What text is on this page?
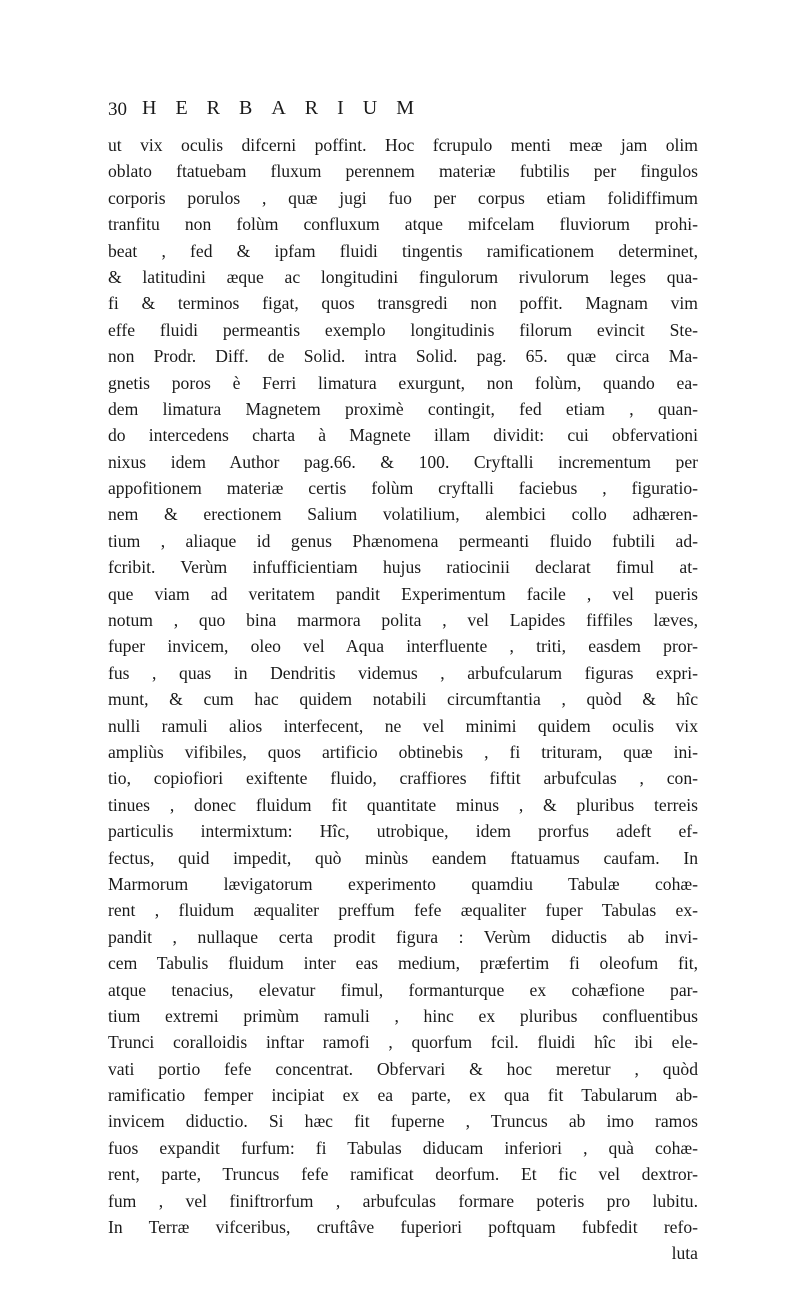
30 HERBARIUM
ut vix oculis difcerni poffint. Hoc fcrupulo menti meæ jam olim
oblato ftatuebam fluxum perennem materiæ fubtilis per fingulos
corporis porulos , quæ jugi fuo per corpus etiam folidiffimum
tranfitu non folùm confluxum atque mifcelam fluviorum prohi-
beat , fed & ipfam fluidi tingentis ramificationem determinet,
& latitudini æque ac longitudini fingulorum rivulorum leges qua-
fi & terminos figat, quos transgredi non poffit. Magnam vim
effe fluidi permeantis exemplo longitudinis filorum evincit Ste-
non Prodr. Diff. de Solid. intra Solid. pag. 65. quæ circa Ma-
gnetis poros è Ferri limatura exurgunt, non folùm, quando ea-
dem limatura Magnetem proximè contingit, fed etiam , quan-
do intercedens charta à Magnete illam dividit: cui obfervationi
nixus idem Author pag.66. & 100. Cryftalli incrementum per
appofitionem materiæ certis folùm cryftalli faciebus , figuratio-
nem & erectionem Salium volatilium, alembici collo adhæren-
tium , aliaque id genus Phænomena permeanti fluido fubtili ad-
fcribit. Verùm infufficientiam hujus ratiocinii declarat fimul at-
que viam ad veritatem pandit Experimentum facile , vel pueris
notum , quo bina marmora polita , vel Lapides fiffiles læves,
fuper invicem, oleo vel Aqua interfluente , triti, easdem pror-
fus , quas in Dendritis videmus , arbufcularum figuras expri-
munt, & cum hac quidem notabili circumftantia , quòd & hîc
nulli ramuli alios interfecent, ne vel minimi quidem oculis vix
ampliùs vifibiles, quos artificio obtinebis , fi trituram, quæ ini-
tio, copiofiori exiftente fluido, craffiores fiftit arbufculas , con-
tinues , donec fluidum fit quantitate minus , & pluribus terreis
particulis intermixtum: Hîc, utrobique, idem prorfus adeft ef-
fectus, quid impedit, quò minùs eandem ftatuamus caufam. In
Marmorum lævigatorum experimento quamdiu Tabulæ cohæ-
rent , fluidum æqualiter preffum fefe æqualiter fuper Tabulas ex-
pandit , nullaque certa prodit figura : Verùm diductis ab invi-
cem Tabulis fluidum inter eas medium, præfertim fi oleofum fit,
atque tenacius, elevatur fimul, formanturque ex cohæfione par-
tium extremi primùm ramuli , hinc ex pluribus confluentibus
Trunci coralloidis inftar ramofi , quorfum fcil. fluidi hîc ibi ele-
vati portio fefe concentrat. Obfervari & hoc meretur , quòd
ramificatio femper incipiat ex ea parte, ex qua fit Tabularum ab-
invicem diductio. Si hæc fit fuperne , Truncus ab imo ramos
fuos expandit furfum: fi Tabulas diducam inferiori , quà cohæ-
rent, parte, Truncus fefe ramificat deorfum. Et fic vel dextror-
fum , vel finiftrorfum , arbufculas formare poteris pro lubitu.
In Terræ vifceribus, cruftâve fuperiori poftquam fubfedit refo-
luta
